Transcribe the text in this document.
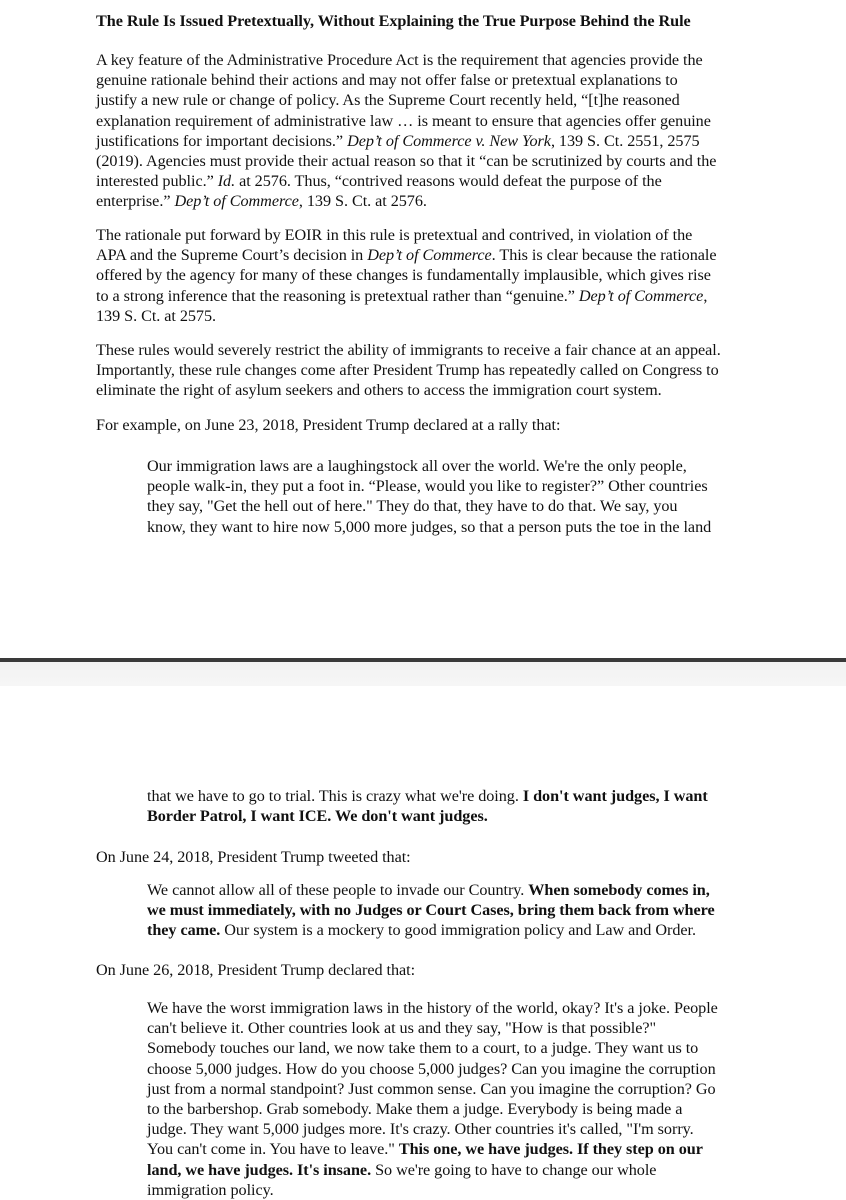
The Rule Is Issued Pretextually, Without Explaining the True Purpose Behind the Rule
A key feature of the Administrative Procedure Act is the requirement that agencies provide the
genuine rationale behind their actions and may not offer false or pretextual explanations to
justify a new rule or change of policy. As the Supreme Court recently held, “[t]he reasoned
explanation requirement of administrative law … is meant to ensure that agencies offer genuine
justifications for important decisions.” Dep’t of Commerce v. New York, 139 S. Ct. 2551, 2575
(2019). Agencies must provide their actual reason so that it “can be scrutinized by courts and the
interested public.” Id. at 2576. Thus, “contrived reasons would defeat the purpose of the
enterprise.” Dep’t of Commerce, 139 S. Ct. at 2576.
The rationale put forward by EOIR in this rule is pretextual and contrived, in violation of the
APA and the Supreme Court’s decision in Dep’t of Commerce. This is clear because the rationale
offered by the agency for many of these changes is fundamentally implausible, which gives rise
to a strong inference that the reasoning is pretextual rather than “genuine.” Dep’t of Commerce,
139 S. Ct. at 2575.
These rules would severely restrict the ability of immigrants to receive a fair chance at an appeal.
Importantly, these rule changes come after President Trump has repeatedly called on Congress to
eliminate the right of asylum seekers and others to access the immigration court system.
For example, on June 23, 2018, President Trump declared at a rally that:
Our immigration laws are a laughingstock all over the world. We're the only people,
people walk-in, they put a foot in. “Please, would you like to register?” Other countries
they say, "Get the hell out of here." They do that, they have to do that. We say, you
know, they want to hire now 5,000 more judges, so that a person puts the toe in the land
that we have to go to trial. This is crazy what we're doing. I don't want judges, I want
Border Patrol, I want ICE. We don't want judges.
On June 24, 2018, President Trump tweeted that:
We cannot allow all of these people to invade our Country. When somebody comes in,
we must immediately, with no Judges or Court Cases, bring them back from where
they came. Our system is a mockery to good immigration policy and Law and Order.
On June 26, 2018, President Trump declared that:
We have the worst immigration laws in the history of the world, okay? It's a joke. People
can't believe it. Other countries look at us and they say, "How is that possible?"
Somebody touches our land, we now take them to a court, to a judge. They want us to
choose 5,000 judges. How do you choose 5,000 judges? Can you imagine the corruption
just from a normal standpoint? Just common sense. Can you imagine the corruption? Go
to the barbershop. Grab somebody. Make them a judge. Everybody is being made a
judge. They want 5,000 judges more. It's crazy. Other countries it's called, "I'm sorry.
You can't come in. You have to leave." This one, we have judges. If they step on our
land, we have judges. It's insane. So we're going to have to change our whole
immigration policy.
